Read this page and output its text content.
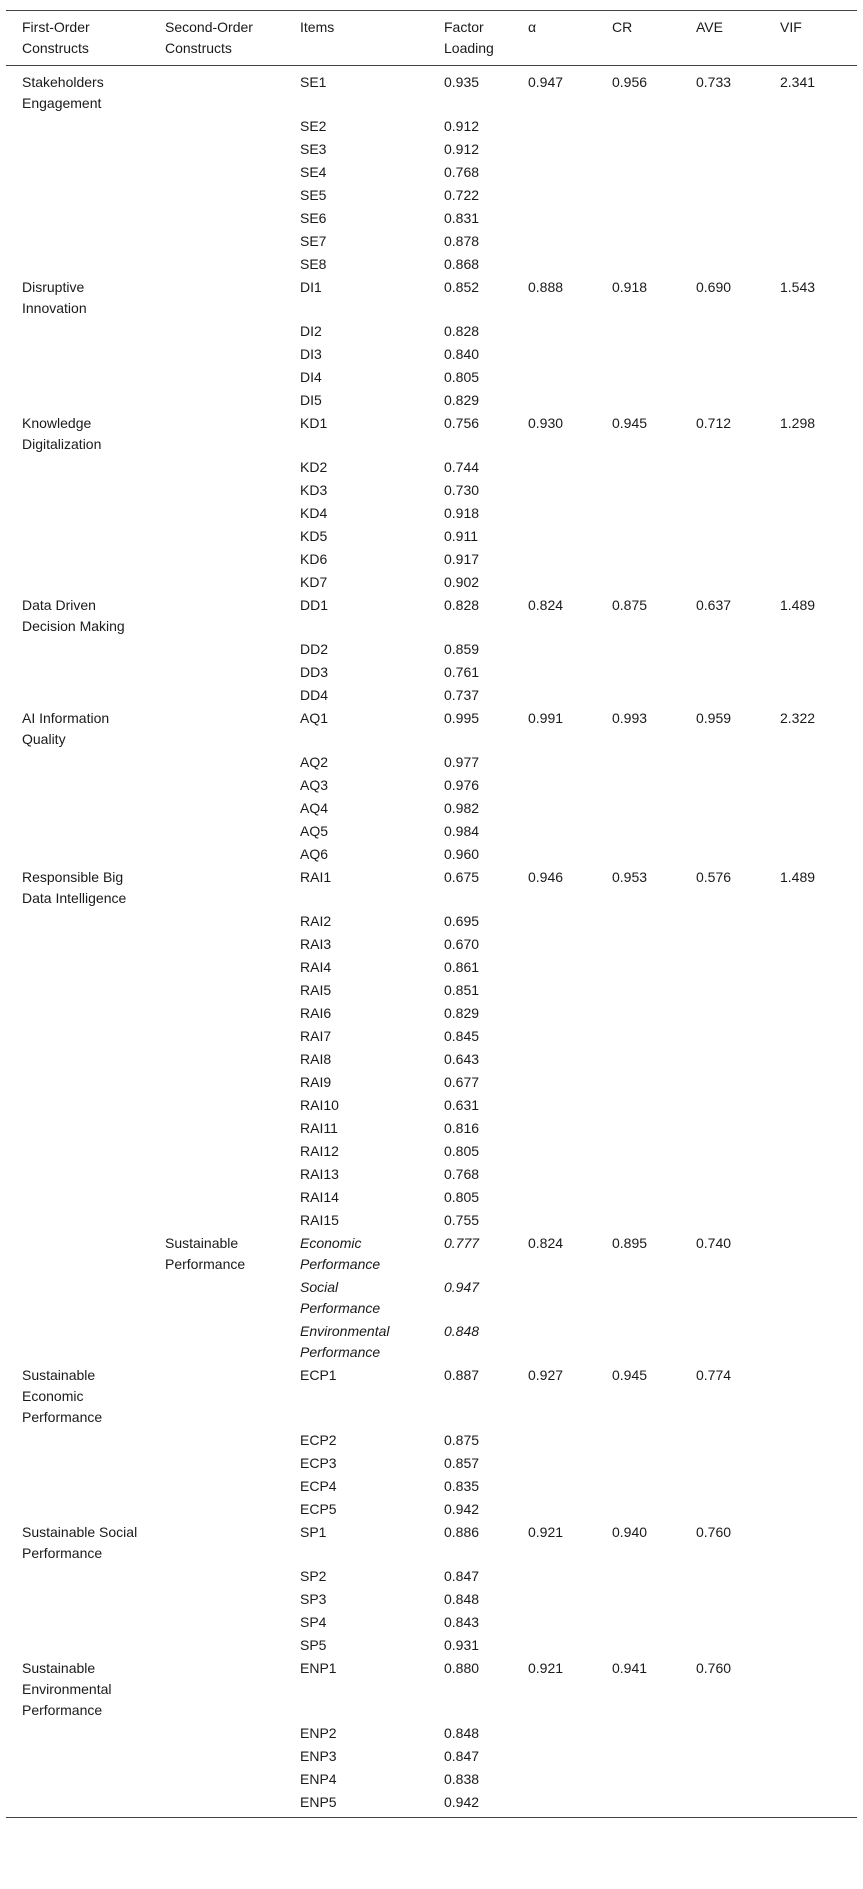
First-Order Constructs	Second-Order Constructs	Items	Factor Loading	α	CR	AVE	VIF
Stakeholders Engagement		SE1	0.935	0.947	0.956	0.733	2.341
		SE2	0.912				
		SE3	0.912				
		SE4	0.768				
		SE5	0.722				
		SE6	0.831				
		SE7	0.878				
		SE8	0.868				
Disruptive Innovation		DI1	0.852	0.888	0.918	0.690	1.543
		DI2	0.828				
		DI3	0.840				
		DI4	0.805				
		DI5	0.829				
Knowledge Digitalization		KD1	0.756	0.930	0.945	0.712	1.298
		KD2	0.744				
		KD3	0.730				
		KD4	0.918				
		KD5	0.911				
		KD6	0.917				
		KD7	0.902				
Data Driven Decision Making		DD1	0.828	0.824	0.875	0.637	1.489
		DD2	0.859				
		DD3	0.761				
		DD4	0.737				
AI Information Quality		AQ1	0.995	0.991	0.993	0.959	2.322
		AQ2	0.977				
		AQ3	0.976				
		AQ4	0.982				
		AQ5	0.984				
		AQ6	0.960				
Responsible Big Data Intelligence		RAI1	0.675	0.946	0.953	0.576	1.489
		RAI2	0.695				
		RAI3	0.670				
		RAI4	0.861				
		RAI5	0.851				
		RAI6	0.829				
		RAI7	0.845				
		RAI8	0.643				
		RAI9	0.677				
		RAI10	0.631				
		RAI11	0.816				
		RAI12	0.805				
		RAI13	0.768				
		RAI14	0.805				
		RAI15	0.755				
	Sustainable Performance	Economic Performance	0.777	0.824	0.895	0.740	
		Social Performance	0.947				
		Environmental Performance	0.848				
Sustainable Economic Performance		ECP1	0.887	0.927	0.945	0.774	
		ECP2	0.875				
		ECP3	0.857				
		ECP4	0.835				
		ECP5	0.942				
Sustainable Social Performance		SP1	0.886	0.921	0.940	0.760	
		SP2	0.847				
		SP3	0.848				
		SP4	0.843				
		SP5	0.931				
Sustainable Environmental Performance		ENP1	0.880	0.921	0.941	0.760	
		ENP2	0.848				
		ENP3	0.847				
		ENP4	0.838				
		ENP5	0.942				
